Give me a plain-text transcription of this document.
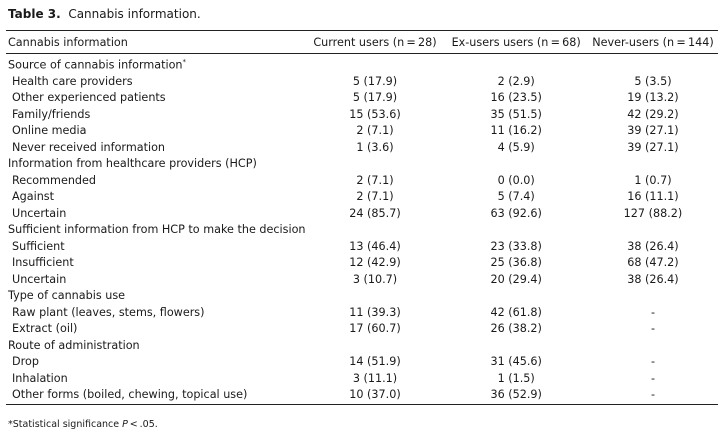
Table 3. Cannabis information.
Cannabis information	Current users (n = 28)	Ex-users users (n = 68)	Never-users (n = 144)
Source of cannabis information*			
Health care providers	5 (17.9)	2 (2.9)	5 (3.5)
Other experienced patients	5 (17.9)	16 (23.5)	19 (13.2)
Family/friends	15 (53.6)	35 (51.5)	42 (29.2)
Online media	2 (7.1)	11 (16.2)	39 (27.1)
Never received information	1 (3.6)	4 (5.9)	39 (27.1)
Information from healthcare providers (HCP)			
Recommended	2 (7.1)	0 (0.0)	1 (0.7)
Against	2 (7.1)	5 (7.4)	16 (11.1)
Uncertain	24 (85.7)	63 (92.6)	127 (88.2)
Sufficient information from HCP to make the decision			
Sufficient	13 (46.4)	23 (33.8)	38 (26.4)
Insufficient	12 (42.9)	25 (36.8)	68 (47.2)
Uncertain	3 (10.7)	20 (29.4)	38 (26.4)
Type of cannabis use			
Raw plant (leaves, stems, flowers)	11 (39.3)	42 (61.8)	-
Extract (oil)	17 (60.7)	26 (38.2)	-
Route of administration			
Drop	14 (51.9)	31 (45.6)	-
Inhalation	3 (11.1)	1 (1.5)	-
Other forms (boiled, chewing, topical use)	10 (37.0)	36 (52.9)	-
*Statistical significance P < .05.
